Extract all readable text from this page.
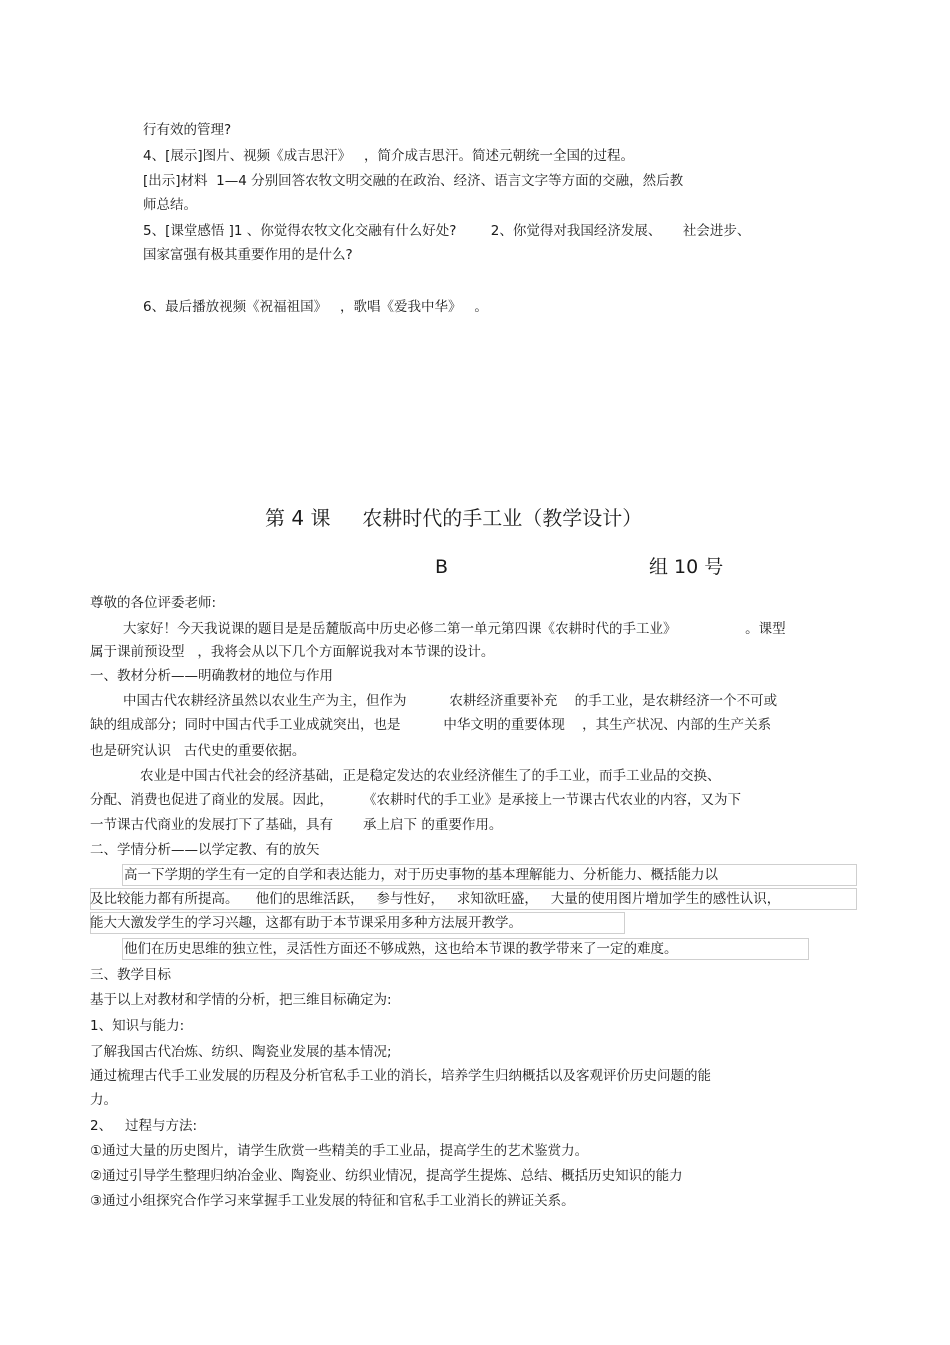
行有效的管理?
4、[展示]图片、视频《成吉思汗》   ，简介成吉思汗。简述元朝统一全国的过程。
[出示]材料  1—4 分别回答农牧文明交融的在政治、经济、语言文字等方面的交融，然后教
师总结。
5、[课堂感悟 ]1 、你觉得农牧文化交融有什么好处?        2、你觉得对我国经济发展、     社会进步、
国家富强有极其重要作用的是什么?
6、最后播放视频《祝福祖国》   ，歌唱《爱我中华》   。
第 4 课     农耕时代的手工业（教学设计）
B	组 10 号
尊敬的各位评委老师:
大家好！今天我说课的题目是是岳麓版高中历史必修二第一单元第四课《农耕时代的手工业》                。课型
属于课前预设型   ，我将会从以下几个方面解说我对本节课的设计。
一、教材分析——明确教材的地位与作用
中国古代农耕经济虽然以农业生产为主，但作为          农耕经济重要补充    的手工业，是农耕经济一个不可或
缺的组成部分；同时中国古代手工业成就突出，也是          中华文明的重要体现    ，其生产状况、内部的生产关系
也是研究认识   古代史的重要依据。
农业是中国古代社会的经济基础，正是稳定发达的农业经济催生了的手工业，而手工业品的交换、
分配、消费也促进了商业的发展。因此，       《农耕时代的手工业》是承接上一节课古代农业的内容，又为下
一节课古代商业的发展打下了基础，具有       承上启下 的重要作用。
二、学情分析——以学定教、有的放矢
高一下学期的学生有一定的自学和表达能力，对于历史事物的基本理解能力、分析能力、概括能力以
及比较能力都有所提高。    他们的思维活跃，   参与性好，   求知欲旺盛，   大量的使用图片增加学生的感性认识，
能大大激发学生的学习兴趣，这都有助于本节课采用多种方法展开教学。
他们在历史思维的独立性，灵活性方面还不够成熟，这也给本节课的教学带来了一定的难度。
三、教学目标
基于以上对教材和学情的分析，把三维目标确定为:
1、知识与能力:
了解我国古代冶炼、纺织、陶瓷业发展的基本情况;
通过梳理古代手工业发展的历程及分析官私手工业的消长，培养学生归纳概括以及客观评价历史问题的能
力。
2、   过程与方法:
①通过大量的历史图片，请学生欣赏一些精美的手工业品，提高学生的艺术鉴赏力。
②通过引导学生整理归纳冶金业、陶瓷业、纺织业情况，提高学生提炼、总结、概括历史知识的能力
③通过小组探究合作学习来掌握手工业发展的特征和官私手工业消长的辨证关系。
